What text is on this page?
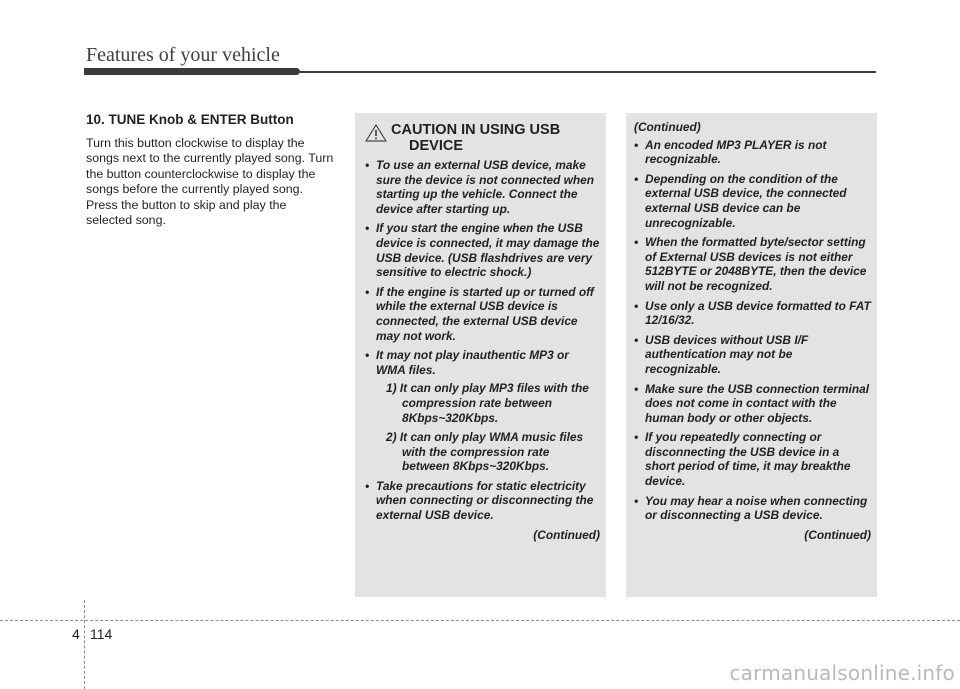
Features of your vehicle
10. TUNE Knob & ENTER Button

Turn this button clockwise to display the songs next to the currently played song. Turn the button counterclockwise to display the songs before the currently played song.

Press the button to skip and play the selected song.

CAUTION IN USING USB
DEVICE
• To use an external USB device, make sure the device is not connected when starting up the vehicle. Connect the device after starting up.
• If you start the engine when the USB device is connected, it may damage the USB device. (USB flashdrives are very sensitive to electric shock.)
• If the engine is started up or turned off while the external USB device is connected, the external USB device may not work.
• It may not play inauthentic MP3 or WMA files.
1) It can only play MP3 files with the compression rate between 8Kbps~320Kbps.
2) It can only play WMA music files with the compression rate between 8Kbps~320Kbps.
• Take precautions for static electricity when connecting or disconnecting the external USB device.
(Continued)
(Continued)
• An encoded MP3 PLAYER is not recognizable.
• Depending on the condition of the external USB device, the connected external USB device can be unrecognizable.
• When the formatted byte/sector setting of External USB devices is not either 512BYTE or 2048BYTE, then the device will not be recognized.
• Use only a USB device formatted to FAT 12/16/32.
• USB devices without USB I/F authentication may not be recognizable.
• Make sure the USB connection terminal does not come in contact with the human body or other objects.
• If you repeatedly connecting or disconnecting the USB device in a short period of time, it may breakthe device.
• You may hear a noise when connecting or disconnecting a USB device.
(Continued)
4 114
carmanualsonline.info
